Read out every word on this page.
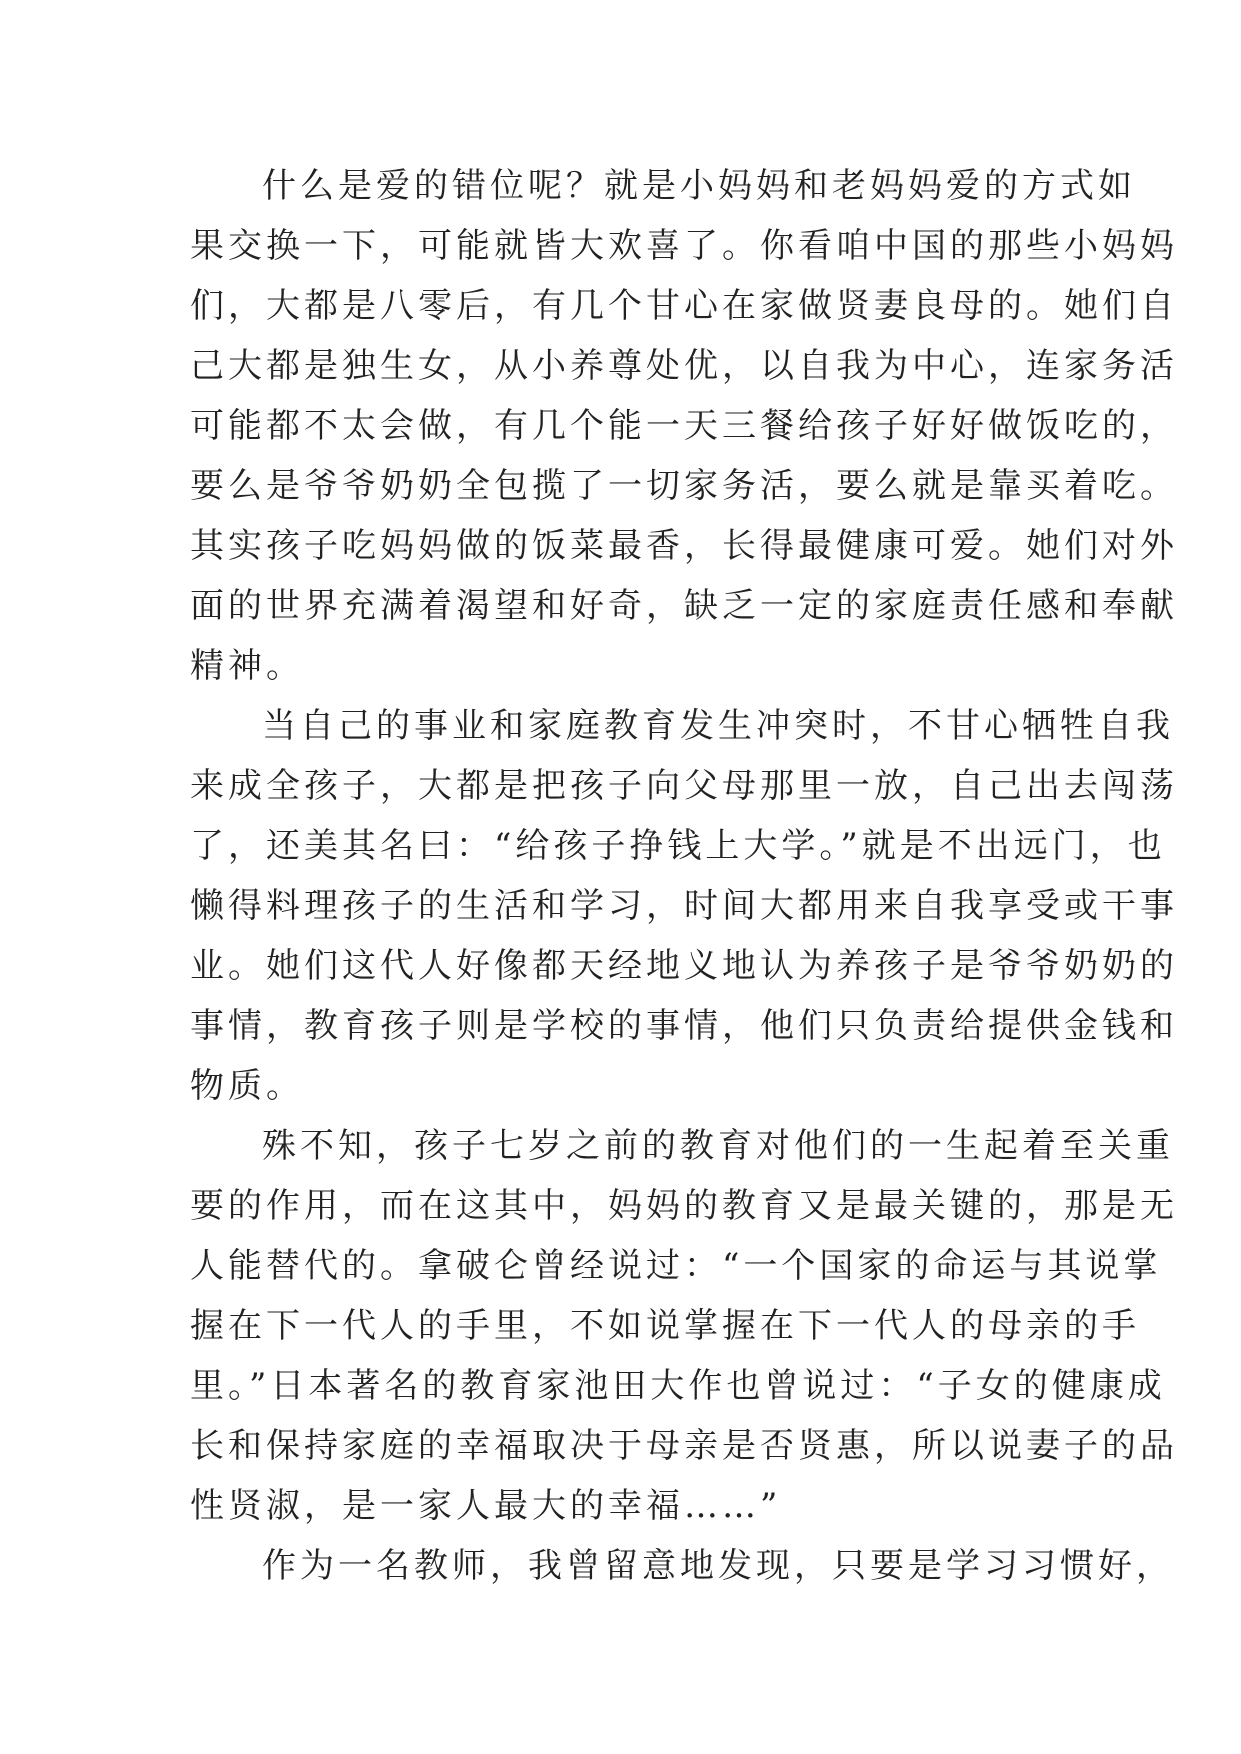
什么是爱的错位呢？就是小妈妈和老妈妈爱的方式如
果交换一下，可能就皆大欢喜了。你看咱中国的那些小妈妈
们，大都是八零后，有几个甘心在家做贤妻良母的。她们自
己大都是独生女，从小养尊处优，以自我为中心，连家务活
可能都不太会做，有几个能一天三餐给孩子好好做饭吃的，
要么是爷爷奶奶全包揽了一切家务活，要么就是靠买着吃。
其实孩子吃妈妈做的饭菜最香，长得最健康可爱。她们对外
面的世界充满着渴望和好奇，缺乏一定的家庭责任感和奉献
精神。
当自己的事业和家庭教育发生冲突时，不甘心牺牲自我
来成全孩子，大都是把孩子向父母那里一放，自己出去闯荡
了，还美其名曰：“给孩子挣钱上大学。”就是不出远门，也
懒得料理孩子的生活和学习，时间大都用来自我享受或干事
业。她们这代人好像都天经地义地认为养孩子是爷爷奶奶的
事情，教育孩子则是学校的事情，他们只负责给提供金钱和
物质。
殊不知，孩子七岁之前的教育对他们的一生起着至关重
要的作用，而在这其中，妈妈的教育又是最关键的，那是无
人能替代的。拿破仑曾经说过：“一个国家的命运与其说掌
握在下一代人的手里，不如说掌握在下一代人的母亲的手
里。”日本著名的教育家池田大作也曾说过：“子女的健康成
长和保持家庭的幸福取决于母亲是否贤惠，所以说妻子的品
性贤淑，是一家人最大的幸福……”
作为一名教师，我曾留意地发现，只要是学习习惯好，
